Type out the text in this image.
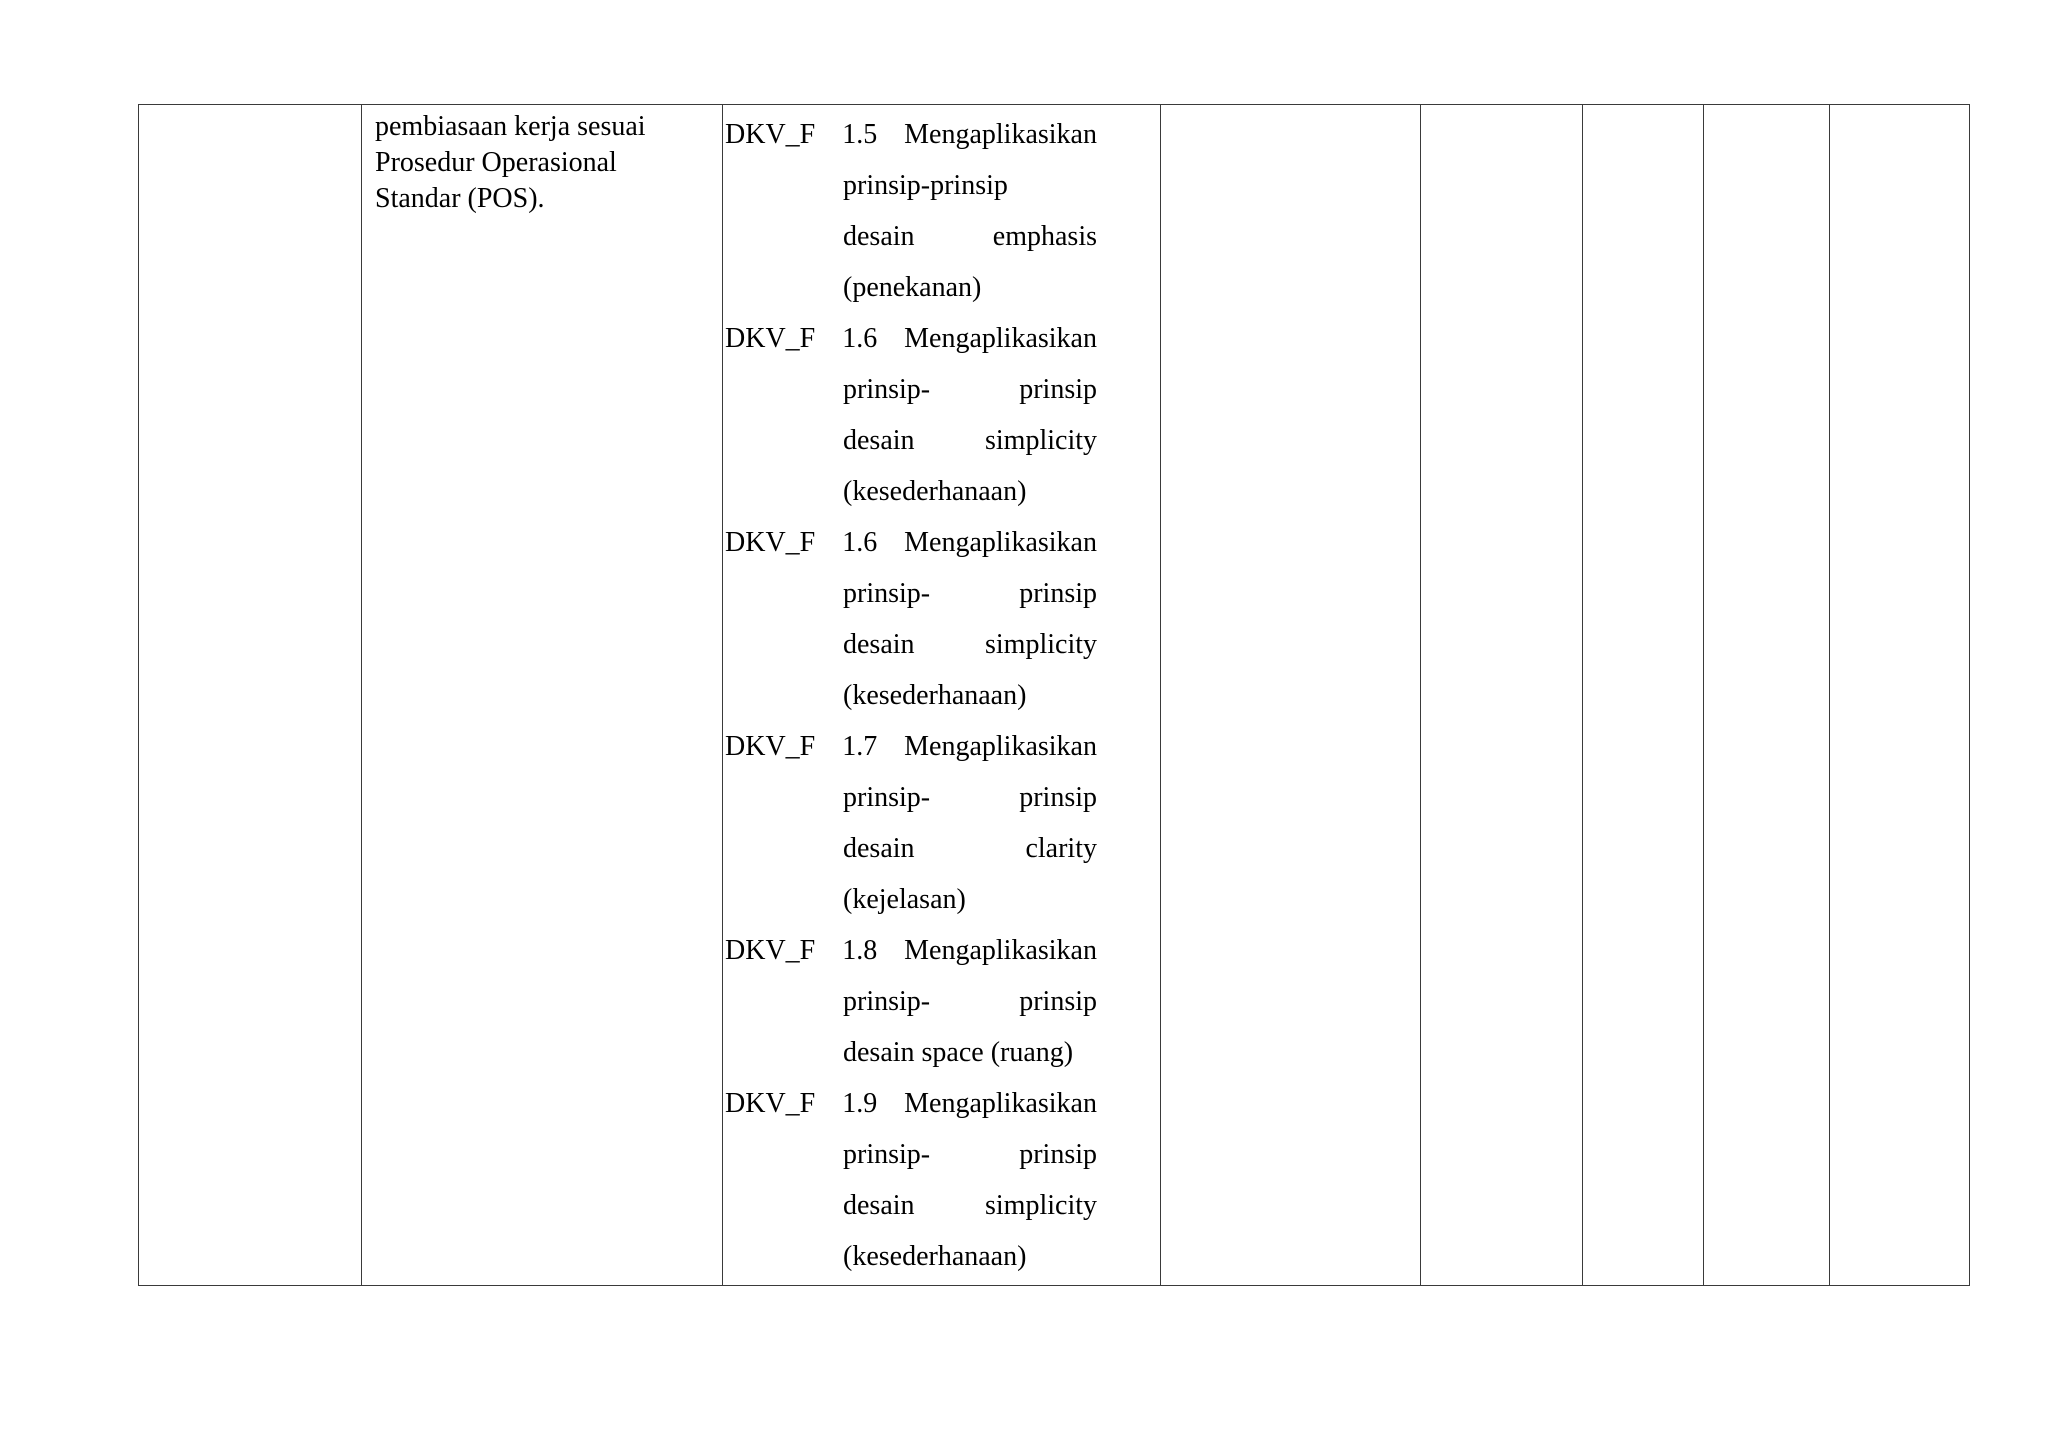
pembiasaan kerja sesuai
Prosedur Operasional
Standar (POS).
DKV_F 1.5 Mengaplikasikan
prinsip-prinsip
desain emphasis
(penekanan)
DKV_F 1.6 Mengaplikasikan
prinsip- prinsip
desain simplicity
(kesederhanaan)
DKV_F 1.6 Mengaplikasikan
prinsip- prinsip
desain simplicity
(kesederhanaan)
DKV_F 1.7 Mengaplikasikan
prinsip- prinsip
desain clarity
(kejelasan)
DKV_F 1.8 Mengaplikasikan
prinsip- prinsip
desain space (ruang)
DKV_F 1.9 Mengaplikasikan
prinsip- prinsip
desain simplicity
(kesederhanaan)
